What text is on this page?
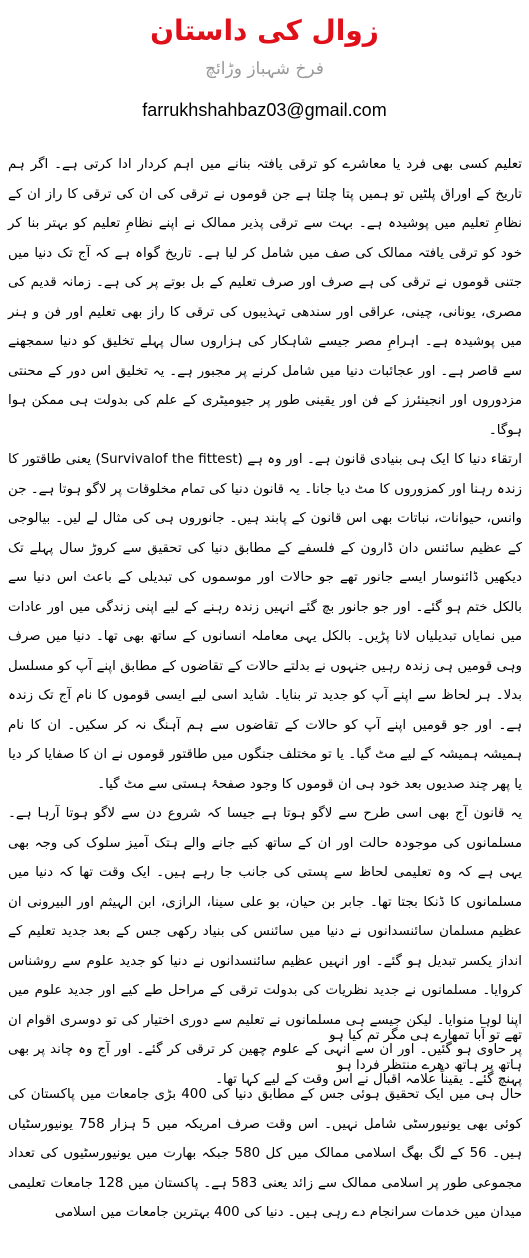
زوال کی داستان
فرخ شہباز وڑائچ
farrukhshahbaz03@gmail.com

تعلیم کسی بھی فرد یا معاشرے کو ترقی یافتہ بنانے میں اہم کردار ادا کرتی ہے۔ اگر ہم تاریخ کے اوراق پلٹیں تو ہمیں پتا چلتا ہے جن قوموں نے ترقی کی ان کی ترقی کا راز ان کے نظامِ تعلیم میں پوشیدہ ہے۔ بہت سے ترقی پذیر ممالک نے اپنے نظامِ تعلیم کو بہتر بنا کر خود کو ترقی یافتہ ممالک کی صف میں شامل کر لیا ہے۔ تاریخ گواہ ہے کہ آج تک دنیا میں جتنی قوموں نے ترقی کی ہے صرف اور صرف تعلیم کے بل بوتے پر کی ہے۔ زمانہ قدیم کی مصری، یونانی، چینی، عراقی اور سندھی تہذیبوں کی ترقی کا راز بھی تعلیم اور فن و ہنر میں پوشیدہ ہے۔ اہرامِ مصر جیسے شاہکار کی ہزاروں سال پہلے تخلیق کو دنیا سمجھنے سے قاصر ہے۔ اور عجائبات دنیا میں شامل کرنے پر مجبور ہے۔ یہ تخلیق اس دور کے محنتی مزدوروں اور انجینئرز کے فن اور یقینی طور پر جیومیٹری کے علم کی بدولت ہی ممکن ہوا ہوگا۔

ارتقاء دنیا کا ایک ہی بنیادی قانون ہے۔ اور وہ ہے (Survivalof the fittest) یعنی طاقتور کا زندہ رہنا اور کمزوروں کا مٹ دیا جانا۔ یہ قانون دنیا کی تمام مخلوقات پر لاگو ہوتا ہے۔ جن وانس، حیوانات، نباتات بھی اس قانون کے پابند ہیں۔ جانوروں ہی کی مثال لے لیں۔ بیالوجی کے عظیم سائنس دان ڈارون کے فلسفے کے مطابق دنیا کی تحقیق سے کروڑ سال پہلے تک دیکھیں ڈائنوسار ایسے جانور تھے جو حالات اور موسموں کی تبدیلی کے باعث اس دنیا سے بالکل ختم ہو گئے۔ اور جو جانور بچ گئے انہیں زندہ رہنے کے لیے اپنی زندگی میں اور عادات میں نمایاں تبدیلیاں لانا پڑیں۔ بالکل یہی معاملہ انسانوں کے ساتھ بھی تھا۔ دنیا میں صرف وہی قومیں ہی زندہ رہیں جنہوں نے بدلتے حالات کے تقاضوں کے مطابق اپنے آپ کو مسلسل بدلا۔ ہر لحاظ سے اپنے آپ کو جدید تر بنایا۔ شاید اسی لیے ایسی قوموں کا نام آج تک زندہ ہے۔ اور جو قومیں اپنے آپ کو حالات کے تقاضوں سے ہم آہنگ نہ کر سکیں۔ ان کا نام ہمیشہ ہمیشہ کے لیے مٹ گیا۔ یا تو مختلف جنگوں میں طاقتور قوموں نے ان کا صفایا کر دیا یا پھر چند صدیوں بعد خود ہی ان قوموں کا وجود صفحۂ ہستی سے مٹ گیا۔

یہ قانون آج بھی اسی طرح سے لاگو ہوتا ہے جیسا کہ شروع دن سے لاگو ہوتا آرہا ہے۔ مسلمانوں کی موجودہ حالت اور ان کے ساتھ کیے جانے والے ہتک آمیز سلوک کی وجہ بھی یہی ہے کہ وہ تعلیمی لحاظ سے پستی کی جانب جا رہے ہیں۔ ایک وقت تھا کہ دنیا میں مسلمانوں کا ڈنکا بجتا تھا۔ جابر بن حیان، بو علی سینا، الرازی، ابن الہیثم اور البیرونی ان عظیم مسلمان سائنسدانوں نے دنیا میں سائنس کی بنیاد رکھی جس کے بعد جدید تعلیم کے انداز یکسر تبدیل ہو گئے۔ اور انہیں عظیم سائنسدانوں نے دنیا کو جدید علوم سے روشناس کروایا۔ مسلمانوں نے جدید نظریات کی بدولت ترقی کے مراحل طے کیے اور جدید علوم میں اپنا لوہا منوایا۔ لیکن جیسے ہی مسلمانوں نے تعلیم سے دوری اختیار کی تو دوسری اقوام ان پر حاوی ہو گئیں۔ اور ان سے انہی کے علوم چھین کر ترقی کر گئے۔ اور آج وہ چاند پر بھی پہنچ گئے۔ یقیناً علامہ اقبال نے اس وقت کے لیے کہا تھا۔

تھے تو آبا تمھارے ہی مگر تم کیا ہو
ہاتھ پر ہاتھ دھرے منتظر فردا ہو

حال ہی میں ایک تحقیق ہوئی جس کے مطابق دنیا کی 400 بڑی جامعات میں پاکستان کی کوئی بھی یونیورسٹی شامل نہیں۔ اس وقت صرف امریکہ میں 5 ہزار 758 یونیورسٹیاں ہیں۔ 56 کے لگ بھگ اسلامی ممالک میں کل 580 جبکہ بھارت میں یونیورسٹیوں کی تعداد مجموعی طور پر اسلامی ممالک سے زائد یعنی 583 ہے۔ پاکستان میں 128 جامعات تعلیمی میدان میں خدمات سرانجام دے رہی ہیں۔ دنیا کی 400 بہترین جامعات میں اسلامی
